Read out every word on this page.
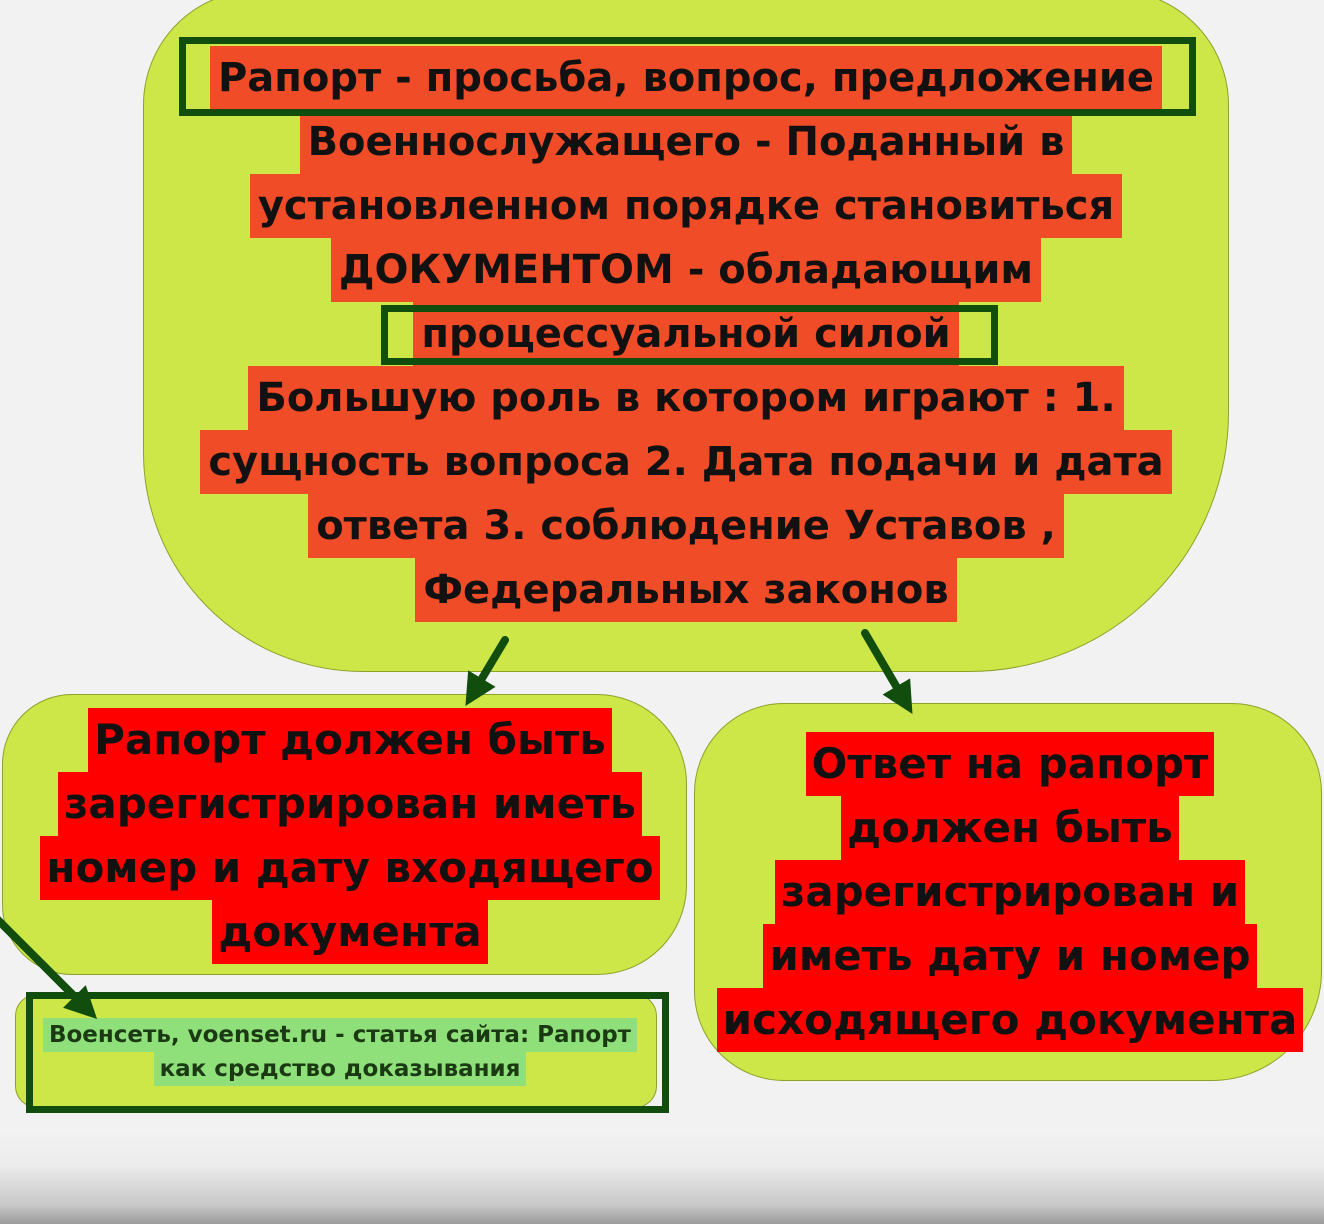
Рапорт - просьба, вопрос, предложение
Военнослужащего - Поданный в
установленном порядке становиться
ДОКУМЕНТОМ - обладающим
процессуальной силой
Большую роль в котором играют : 1.
сущность вопроса 2. Дата подачи и дата
ответа 3. соблюдение Уставов ,
Федеральных законов
Рапорт должен быть
зарегистрирован иметь
номер и дату входящего
документа
Ответ на рапорт
должен быть
зарегистрирован и
иметь дату и номер
исходящего документа
Военсеть, voenset.ru - статья сайта: Рапорт
как средство доказывания
